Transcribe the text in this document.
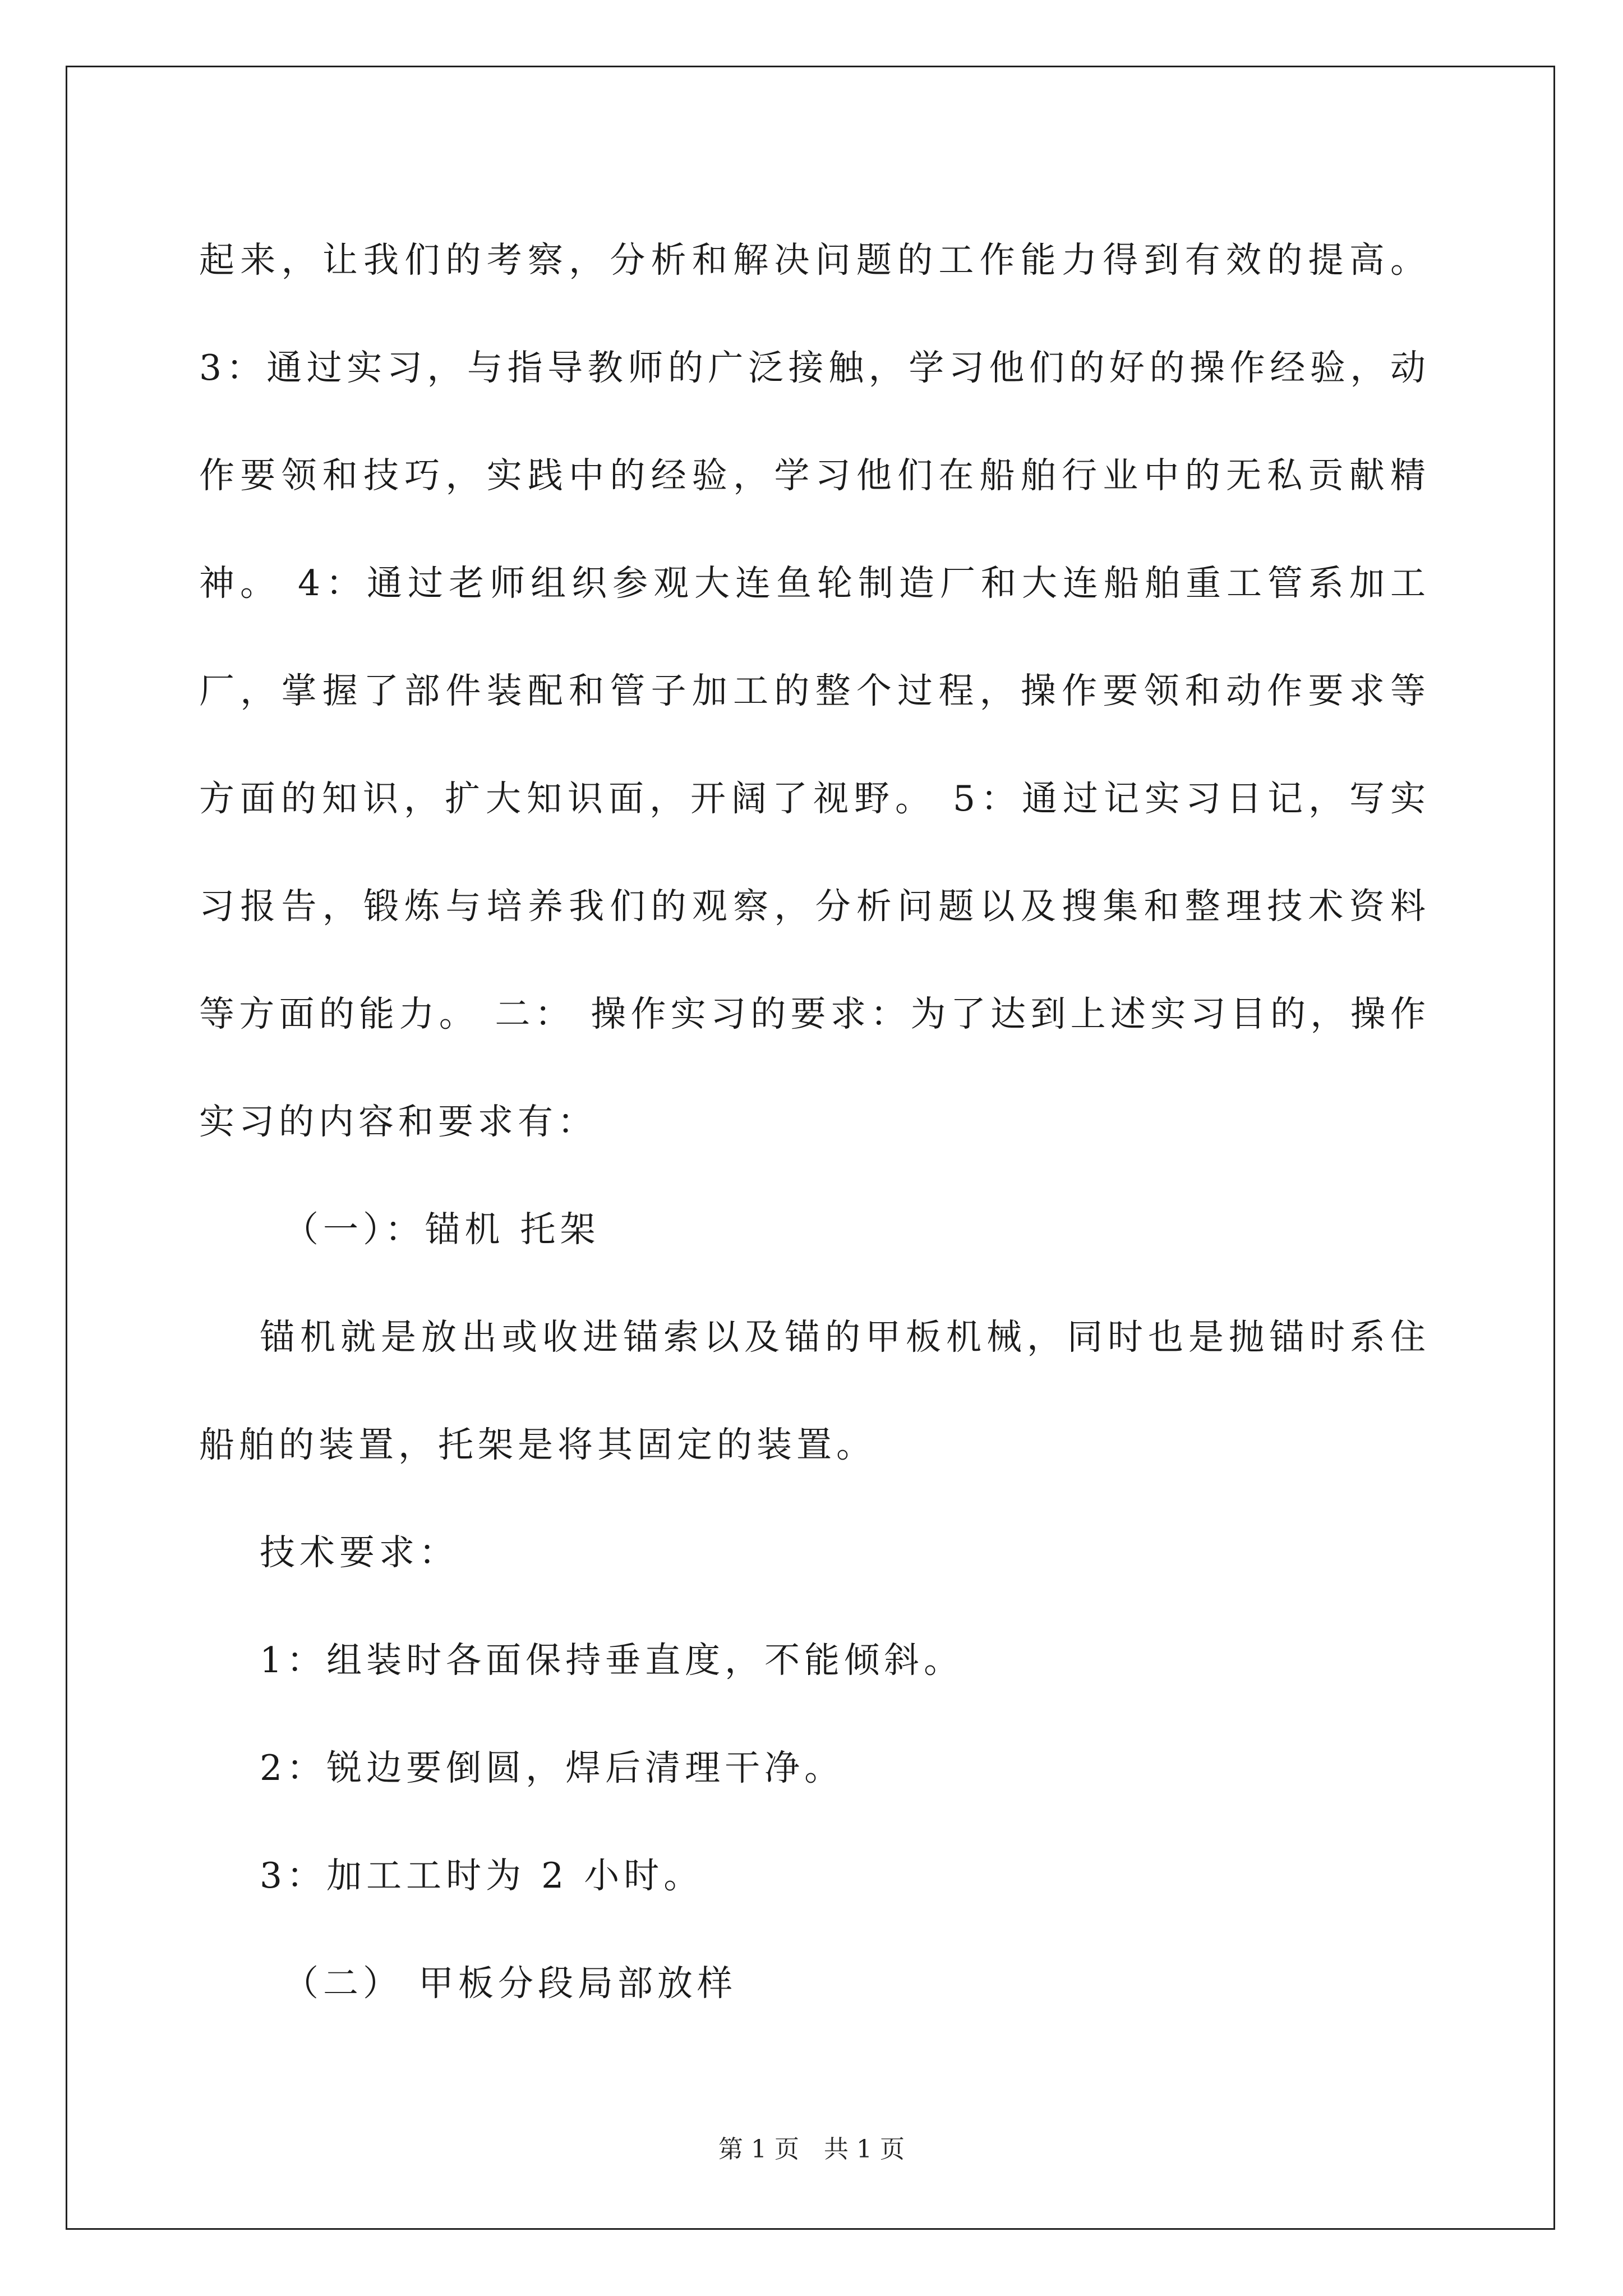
起来，让我们的考察，分析和解决问题的工作能力得到有效的提高。3：通过实习，与指导教师的广泛接触，学习他们的好的操作经验，动作要领和技巧，实践中的经验，学习他们在船舶行业中的无私贡献精神。 4：通过老师组织参观大连鱼轮制造厂和大连船舶重工管系加工厂，掌握了部件装配和管子加工的整个过程，操作要领和动作要求等方面的知识，扩大知识面，开阔了视野。 5：通过记实习日记，写实习报告，锻炼与培养我们的观察，分析问题以及搜集和整理技术资料等方面的能力。 二： 操作实习的要求：为了达到上述实习目的，操作实习的内容和要求有：

（一）：锚机 托架

锚机就是放出或收进锚索以及锚的甲板机械，同时也是抛锚时系住船舶的装置，托架是将其固定的装置。

技术要求：

1：组装时各面保持垂直度，不能倾斜。

2：锐边要倒圆，焊后清理干净。

3：加工工时为 2 小时。

（二） 甲板分段局部放样

第 1 页　共 1 页
